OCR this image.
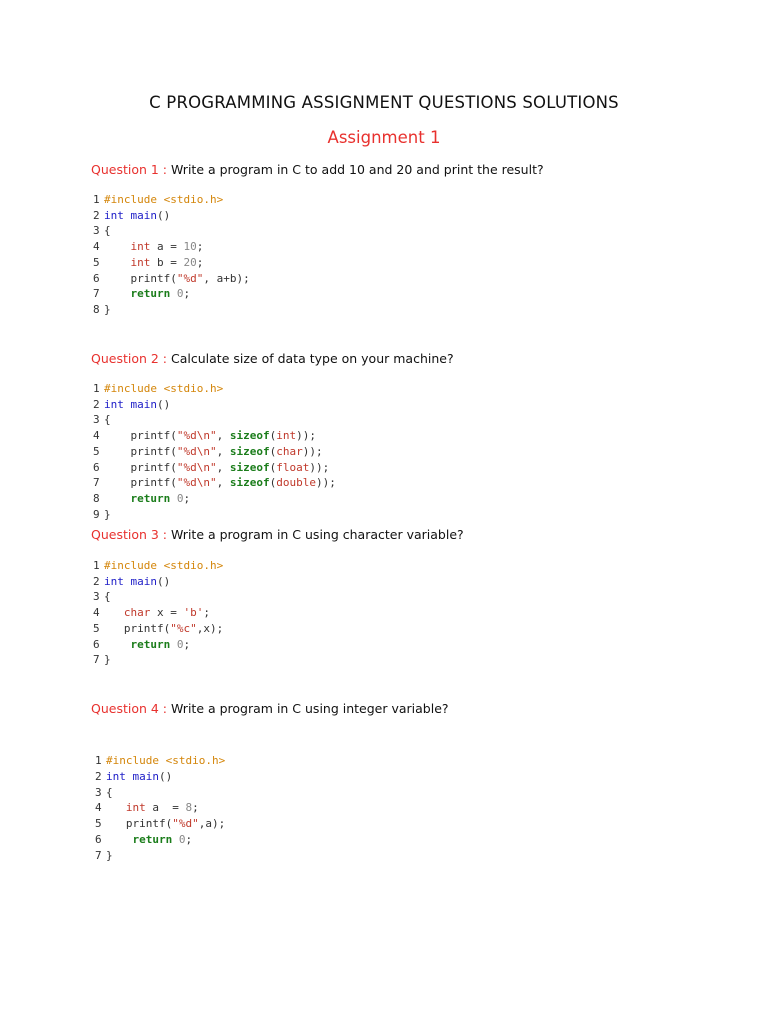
C PROGRAMMING ASSIGNMENT QUESTIONS SOLUTIONS
Assignment 1
Question 1 : Write a program in C to add 10 and 20 and print the result?
1 #include <stdio.h>
2 int main()
3 {
4	int a = 10;
5	int b = 20;
6    printf("%d", a+b);
7	return 0;
8 }
Question 2 : Calculate size of data type on your machine?
1 #include <stdio.h>
2 int main()
3 {
4    printf("%d\n", sizeof(int));
5    printf("%d\n", sizeof(char));
6    printf("%d\n", sizeof(float));
7    printf("%d\n", sizeof(double));
8	return 0;
9 }
Question 3 : Write a program in C using character variable?
1 #include <stdio.h>
2 int main()
3 {
4 char x = 'b';
5   printf("%c",x);
6	return 0;
7 }
Question 4 : Write a program in C using integer variable?
1 #include <stdio.h>
2 int main()
3 {
4 int a  = 8;
5   printf("%d",a);
6	return 0;
7 }
